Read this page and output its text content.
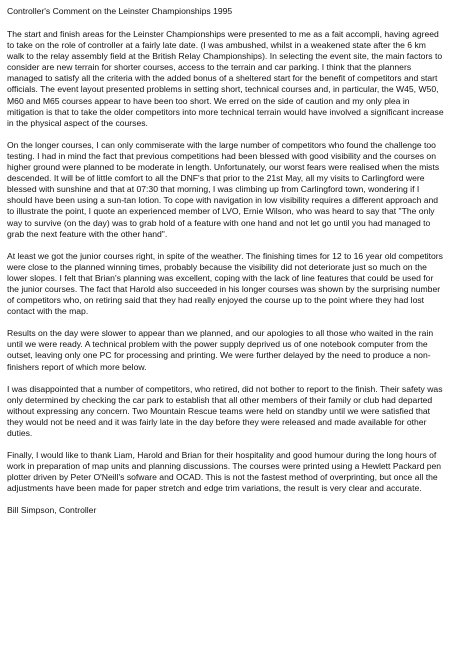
Controller's Comment on the Leinster Championships 1995

The start and finish areas for the Leinster Championships were presented to me as a fait accompli, having agreed to take on the role of controller at a fairly late date. (I was ambushed, whilst in a weakened state after the 6 km walk to the relay assembly field at the British Relay Championships). In selecting the event site, the main factors to consider are new terrain for shorter courses, access to the terrain and car parking. I think that the planners managed to satisfy all the criteria with the added bonus of a sheltered start for the benefit of competitors and start officials. The event layout presented problems in setting short, technical courses and, in particular, the W45, W50, M60 and M65 courses appear to have been too short. We erred on the side of caution and my only plea in mitigation is that to take the older competitors into more technical terrain would have involved a significant increase in the physical aspect of the courses.

On the longer courses, I can only commiserate with the large number of competitors who found the challenge too testing. I had in mind the fact that previous competitions had been blessed with good visibility and the courses on higher ground were planned to be moderate in length. Unfortunately, our worst fears were realised when the mists descended. It will be of little comfort to all the DNF's that prior to the 21st May, all my visits to Carlingford were blessed with sunshine and that at 07:30 that morning, I was climbing up from Carlingford town, wondering if I should have been using a sun-tan lotion. To cope with navigation in low visibility requires a different approach and to illustrate the point, I quote an experienced member of LVO, Ernie Wilson, who was heard to say that "The only way to survive (on the day) was to grab hold of a feature with one hand and not let go until you had managed to grab the next feature with the other hand".

At least we got the junior courses right, in spite of the weather. The finishing times for 12 to 16 year old competitors were close to the planned winning times, probably because the visibility did not deteriorate just so much on the lower slopes. I felt that Brian's planning was excellent, coping with the lack of line features that could be used for the junior courses. The fact that Harold also succeeded in his longer courses was shown by the surprising number of competitors who, on retiring said that they had really enjoyed the course up to the point where they had lost contact with the map.

Results on the day were slower to appear than we planned, and our apologies to all those who waited in the rain until we were ready. A technical problem with the power supply deprived us of one notebook computer from the outset, leaving only one PC for processing and printing. We were further delayed by the need to produce a non-finishers report of which more below.

I was disappointed that a number of competitors, who retired, did not bother to report to the finish. Their safety was only determined by checking the car park to establish that all other members of their family or club had departed without expressing any concern. Two Mountain Rescue teams were held on standby until we were satisfied that they would not be need and it was fairly late in the day before they were released and made available for other duties.

Finally, I would like to thank Liam, Harold and Brian for their hospitality and good humour during the long hours of work in preparation of map units and planning discussions. The courses were printed using a Hewlett Packard pen plotter driven by Peter O'Neill's sofware and OCAD. This is not the fastest method of overprinting, but once all the adjustments have been made for paper stretch and edge trim variations, the result is very clear and accurate.

Bill Simpson, Controller
